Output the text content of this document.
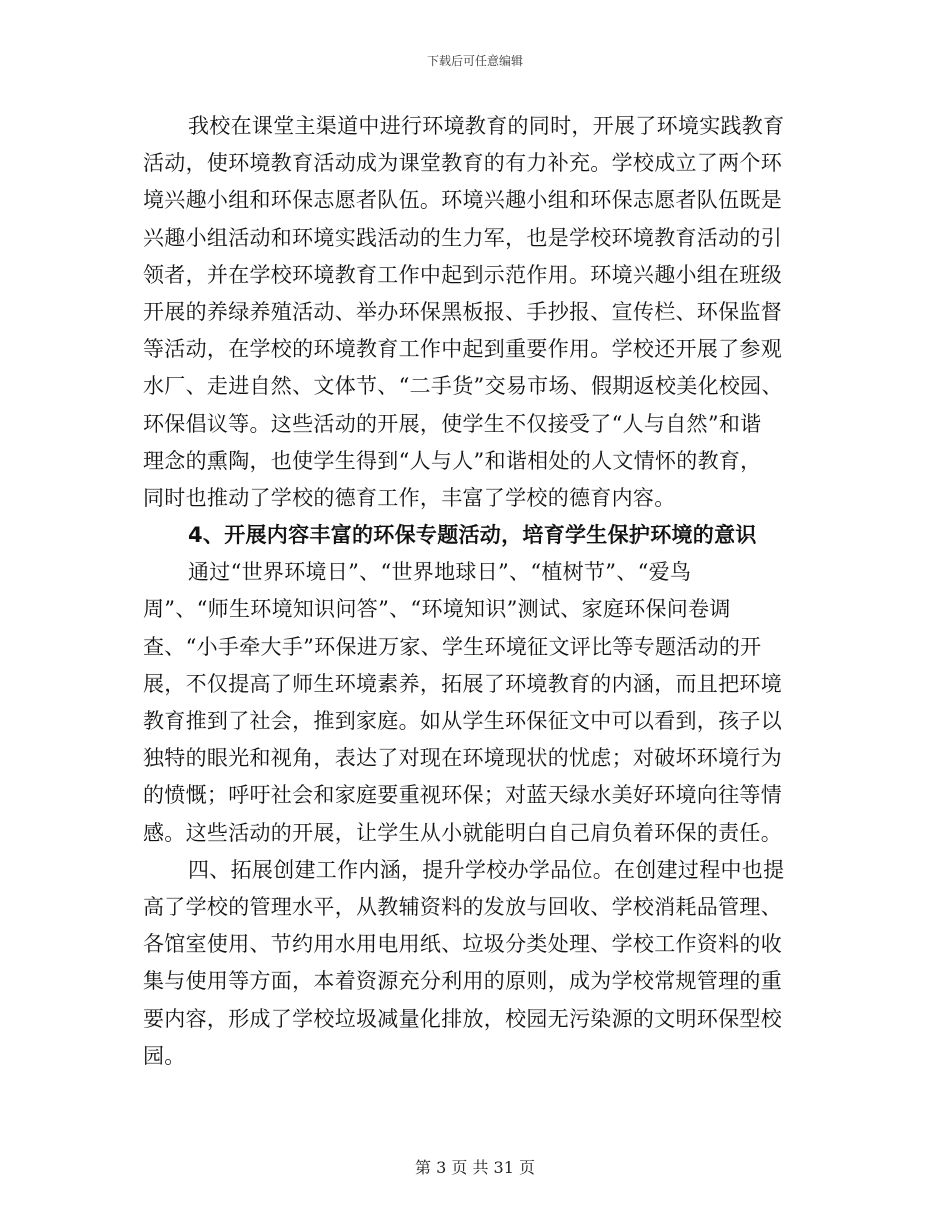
下载后可任意编辑
我校在课堂主渠道中进行环境教育的同时，开展了环境实践教育
活动，使环境教育活动成为课堂教育的有力补充。学校成立了两个环
境兴趣小组和环保志愿者队伍。环境兴趣小组和环保志愿者队伍既是
兴趣小组活动和环境实践活动的生力军，也是学校环境教育活动的引
领者，并在学校环境教育工作中起到示范作用。环境兴趣小组在班级
开展的养绿养殖活动、举办环保黑板报、手抄报、宣传栏、环保监督
等活动，在学校的环境教育工作中起到重要作用。学校还开展了参观
水厂、走进自然、文体节、“二手货”交易市场、假期返校美化校园、
环保倡议等。这些活动的开展，使学生不仅接受了“人与自然”和谐
理念的熏陶，也使学生得到“人与人”和谐相处的人文情怀的教育，
同时也推动了学校的德育工作，丰富了学校的德育内容。
4、开展内容丰富的环保专题活动，培育学生保护环境的意识
通过“世界环境日”、“世界地球日”、“植树节”、“爱鸟
周”、“师生环境知识问答”、“环境知识”测试、家庭环保问卷调
查、“小手牵大手”环保进万家、学生环境征文评比等专题活动的开
展，不仅提高了师生环境素养，拓展了环境教育的内涵，而且把环境
教育推到了社会，推到家庭。如从学生环保征文中可以看到，孩子以
独特的眼光和视角，表达了对现在环境现状的忧虑；对破坏环境行为
的愤慨；呼吁社会和家庭要重视环保；对蓝天绿水美好环境向往等情
感。这些活动的开展，让学生从小就能明白自己肩负着环保的责任。
四、拓展创建工作内涵，提升学校办学品位。在创建过程中也提
高了学校的管理水平，从教辅资料的发放与回收、学校消耗品管理、
各馆室使用、节约用水用电用纸、垃圾分类处理、学校工作资料的收
集与使用等方面，本着资源充分利用的原则，成为学校常规管理的重
要内容，形成了学校垃圾减量化排放，校园无污染源的文明环保型校
园。
第 3 页 共 31 页
